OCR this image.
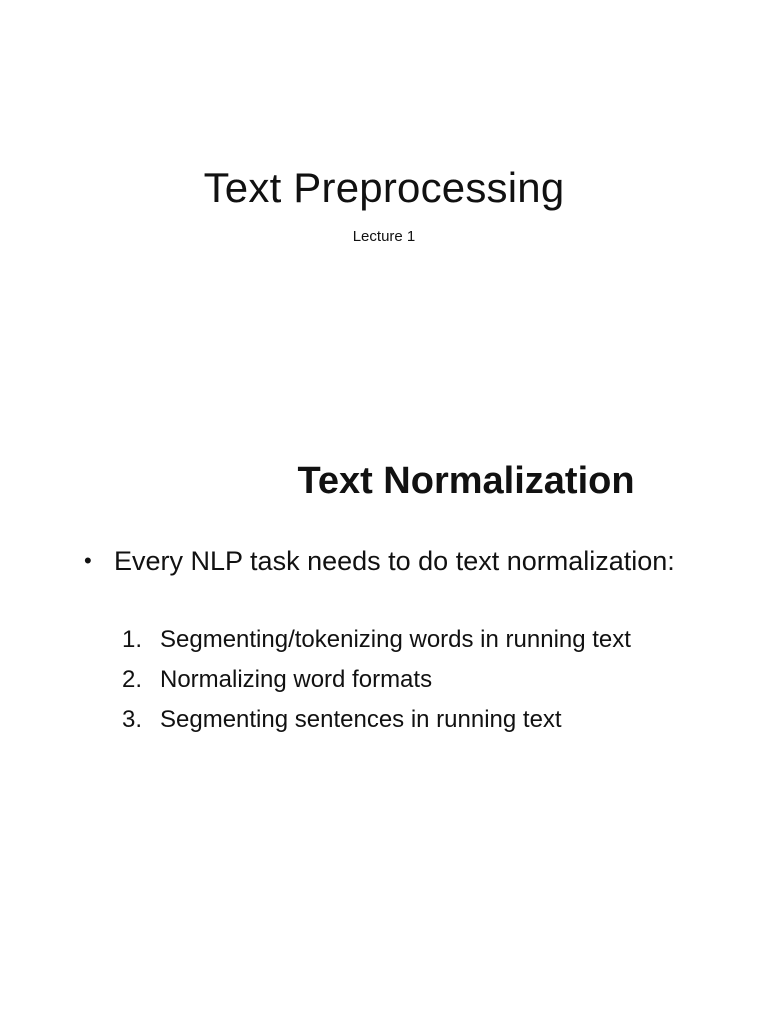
Text Preprocessing

Lecture 1

Text Normalization
• Every NLP task needs to do text normalization:
1. Segmenting/tokenizing words in running text
2. Normalizing word formats
3. Segmenting sentences in running text
